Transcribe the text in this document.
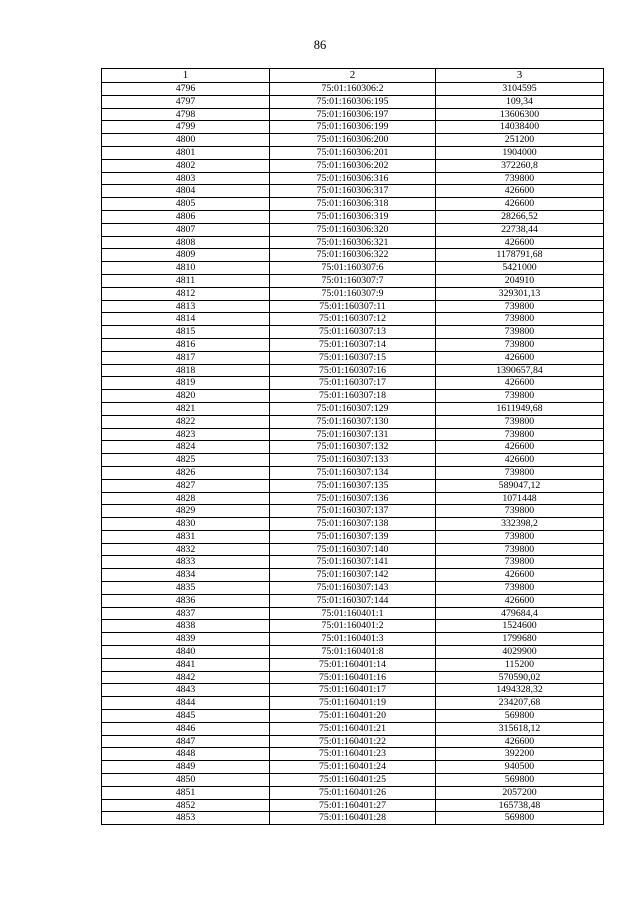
86
1	2	3
4796	75:01:160306:2	3104595
4797	75:01:160306:195	109,34
4798	75:01:160306:197	13606300
4799	75:01:160306:199	14038400
4800	75:01:160306:200	251200
4801	75:01:160306:201	1904000
4802	75:01:160306:202	372260,8
4803	75:01:160306:316	739800
4804	75:01:160306:317	426600
4805	75:01:160306:318	426600
4806	75:01:160306:319	28266,52
4807	75:01:160306:320	22738,44
4808	75:01:160306:321	426600
4809	75:01:160306:322	1178791,68
4810	75:01:160307:6	5421000
4811	75:01:160307:7	204910
4812	75:01:160307:9	329301,13
4813	75:01:160307:11	739800
4814	75:01:160307:12	739800
4815	75:01:160307:13	739800
4816	75:01:160307:14	739800
4817	75:01:160307:15	426600
4818	75:01:160307:16	1390657,84
4819	75:01:160307:17	426600
4820	75:01:160307:18	739800
4821	75:01:160307:129	1611949,68
4822	75:01:160307:130	739800
4823	75:01:160307:131	739800
4824	75:01:160307:132	426600
4825	75:01:160307:133	426600
4826	75:01:160307:134	739800
4827	75:01:160307:135	589047,12
4828	75:01:160307:136	1071448
4829	75:01:160307:137	739800
4830	75:01:160307:138	332398,2
4831	75:01:160307:139	739800
4832	75:01:160307:140	739800
4833	75:01:160307:141	739800
4834	75:01:160307:142	426600
4835	75:01:160307:143	739800
4836	75:01:160307:144	426600
4837	75:01:160401:1	479684,4
4838	75:01:160401:2	1524600
4839	75:01:160401:3	1799680
4840	75:01:160401:8	4029900
4841	75:01:160401:14	115200
4842	75:01:160401:16	570590,02
4843	75:01:160401:17	1494328,32
4844	75:01:160401:19	234207,68
4845	75:01:160401:20	569800
4846	75:01:160401:21	315618,12
4847	75:01:160401:22	426600
4848	75:01:160401:23	392200
4849	75:01:160401:24	940500
4850	75:01:160401:25	569800
4851	75:01:160401:26	2057200
4852	75:01:160401:27	165738,48
4853	75:01:160401:28	569800
